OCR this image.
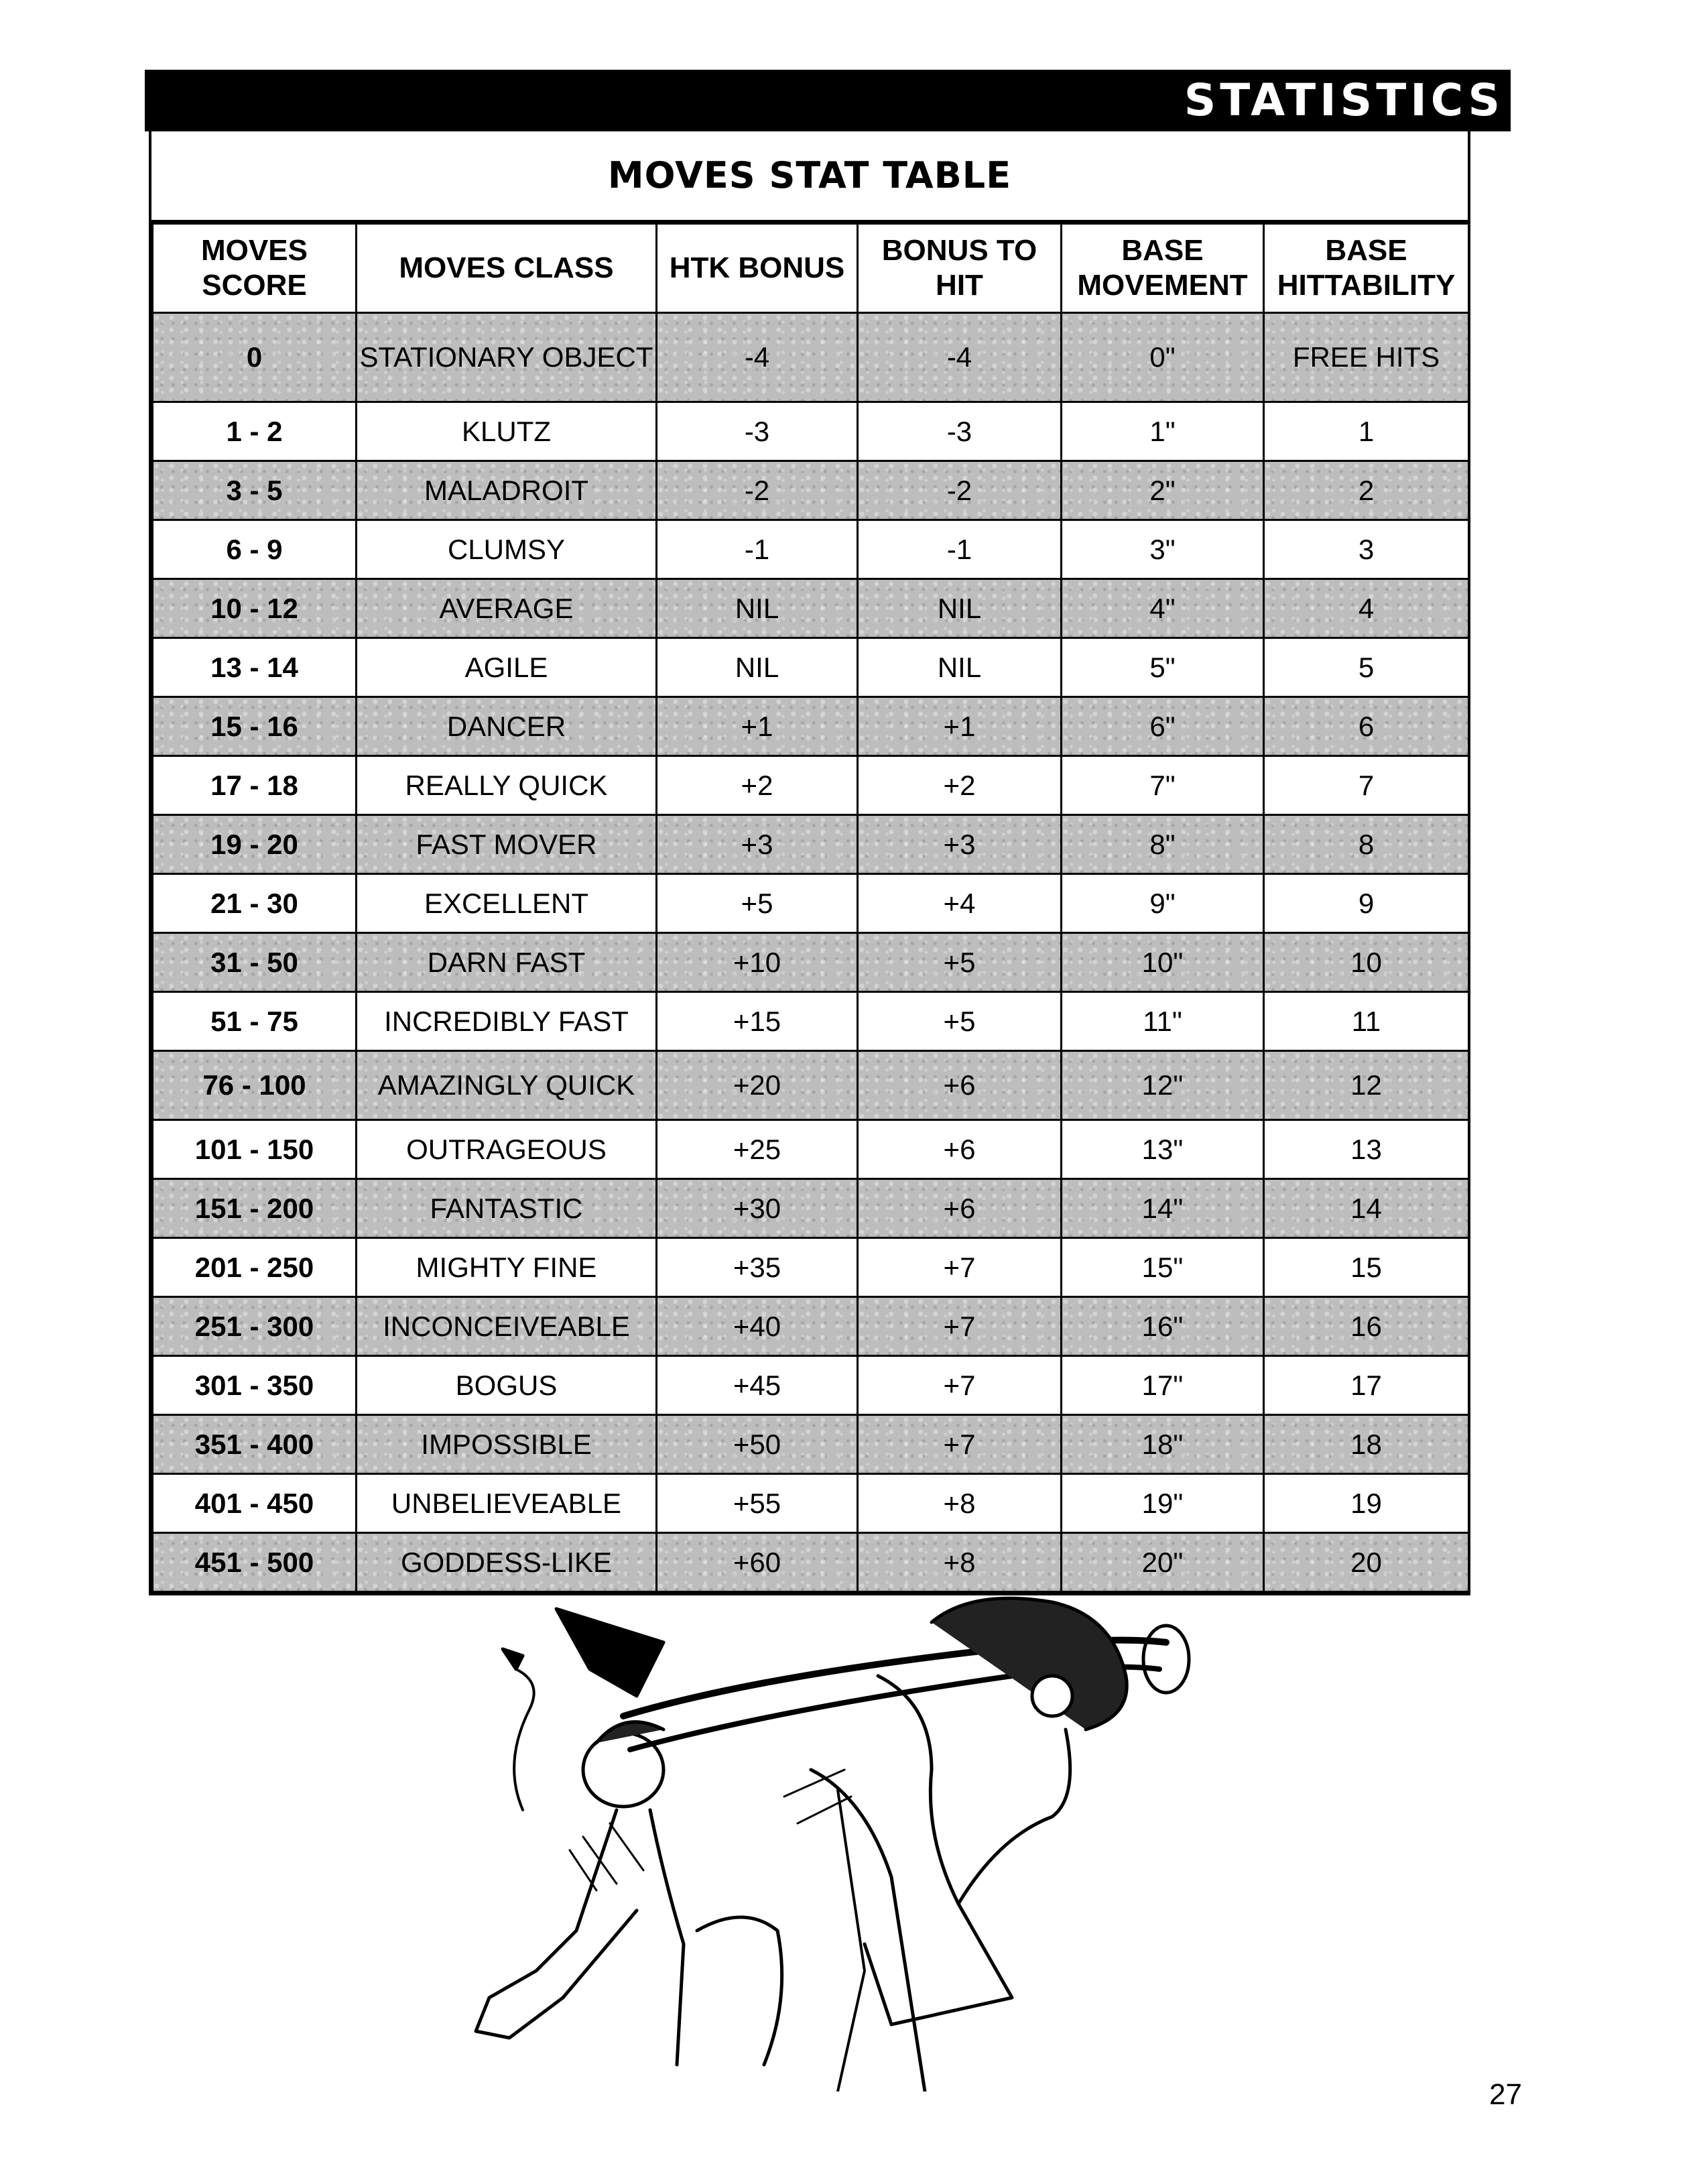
STATISTICS
MOVES STAT TABLE
MOVES SCORE	MOVES CLASS	HTK BONUS	BONUS TO HIT	BASE MOVEMENT	BASE HITTABILITY
0	STATIONARY OBJECT	-4	-4	0"	FREE HITS
1 - 2	KLUTZ	-3	-3	1"	1
3 - 5	MALADROIT	-2	-2	2"	2
6 - 9	CLUMSY	-1	-1	3"	3
10 - 12	AVERAGE	NIL	NIL	4"	4
13 - 14	AGILE	NIL	NIL	5"	5
15 - 16	DANCER	+1	+1	6"	6
17 - 18	REALLY QUICK	+2	+2	7"	7
19 - 20	FAST MOVER	+3	+3	8"	8
21 - 30	EXCELLENT	+5	+4	9"	9
31 - 50	DARN FAST	+10	+5	10"	10
51 - 75	INCREDIBLY FAST	+15	+5	11"	11
76 - 100	AMAZINGLY QUICK	+20	+6	12"	12
101 - 150	OUTRAGEOUS	+25	+6	13"	13
151 - 200	FANTASTIC	+30	+6	14"	14
201 - 250	MIGHTY FINE	+35	+7	15"	15
251 - 300	INCONCEIVEABLE	+40	+7	16"	16
301 - 350	BOGUS	+45	+7	17"	17
351 - 400	IMPOSSIBLE	+50	+7	18"	18
401 - 450	UNBELIEVEABLE	+55	+8	19"	19
451 - 500	GODDESS-LIKE	+60	+8	20"	20
27
